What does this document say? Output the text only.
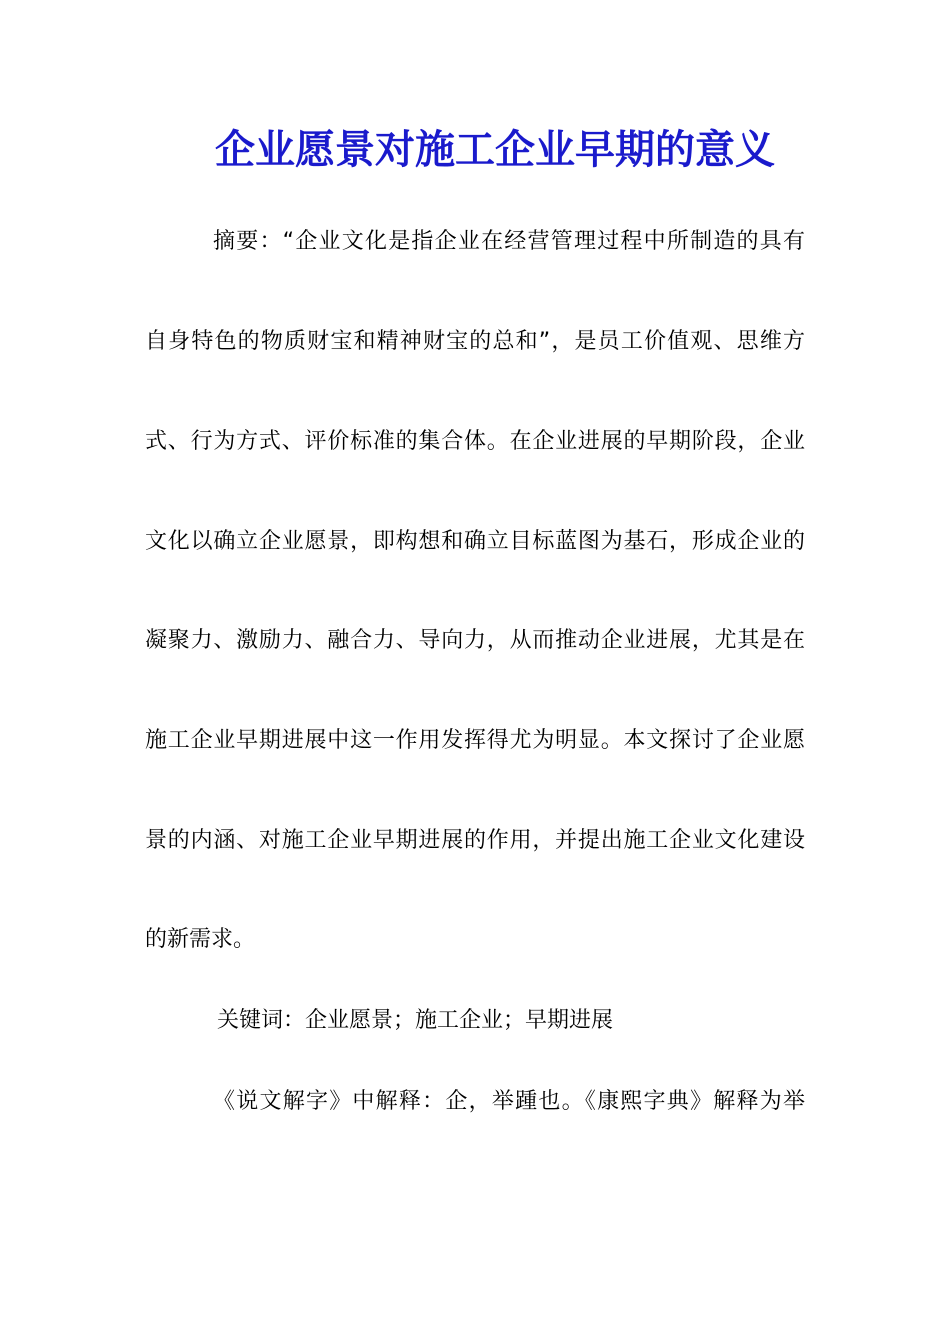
企业愿景对施工企业早期的意义
摘要：“企业文化是指企业在经营管理过程中所制造的具有
自身特色的物质财宝和精神财宝的总和”，是员工价值观、思维方
式、行为方式、评价标准的集合体。在企业进展的早期阶段，企业
文化以确立企业愿景，即构想和确立目标蓝图为基石，形成企业的
凝聚力、激励力、融合力、导向力，从而推动企业进展，尤其是在
施工企业早期进展中这一作用发挥得尤为明显。本文探讨了企业愿
景的内涵、对施工企业早期进展的作用，并提出施工企业文化建设
的新需求。
关键词：企业愿景；施工企业；早期进展
《说文解字》中解释：企，举踵也。《康熙字典》解释为举
